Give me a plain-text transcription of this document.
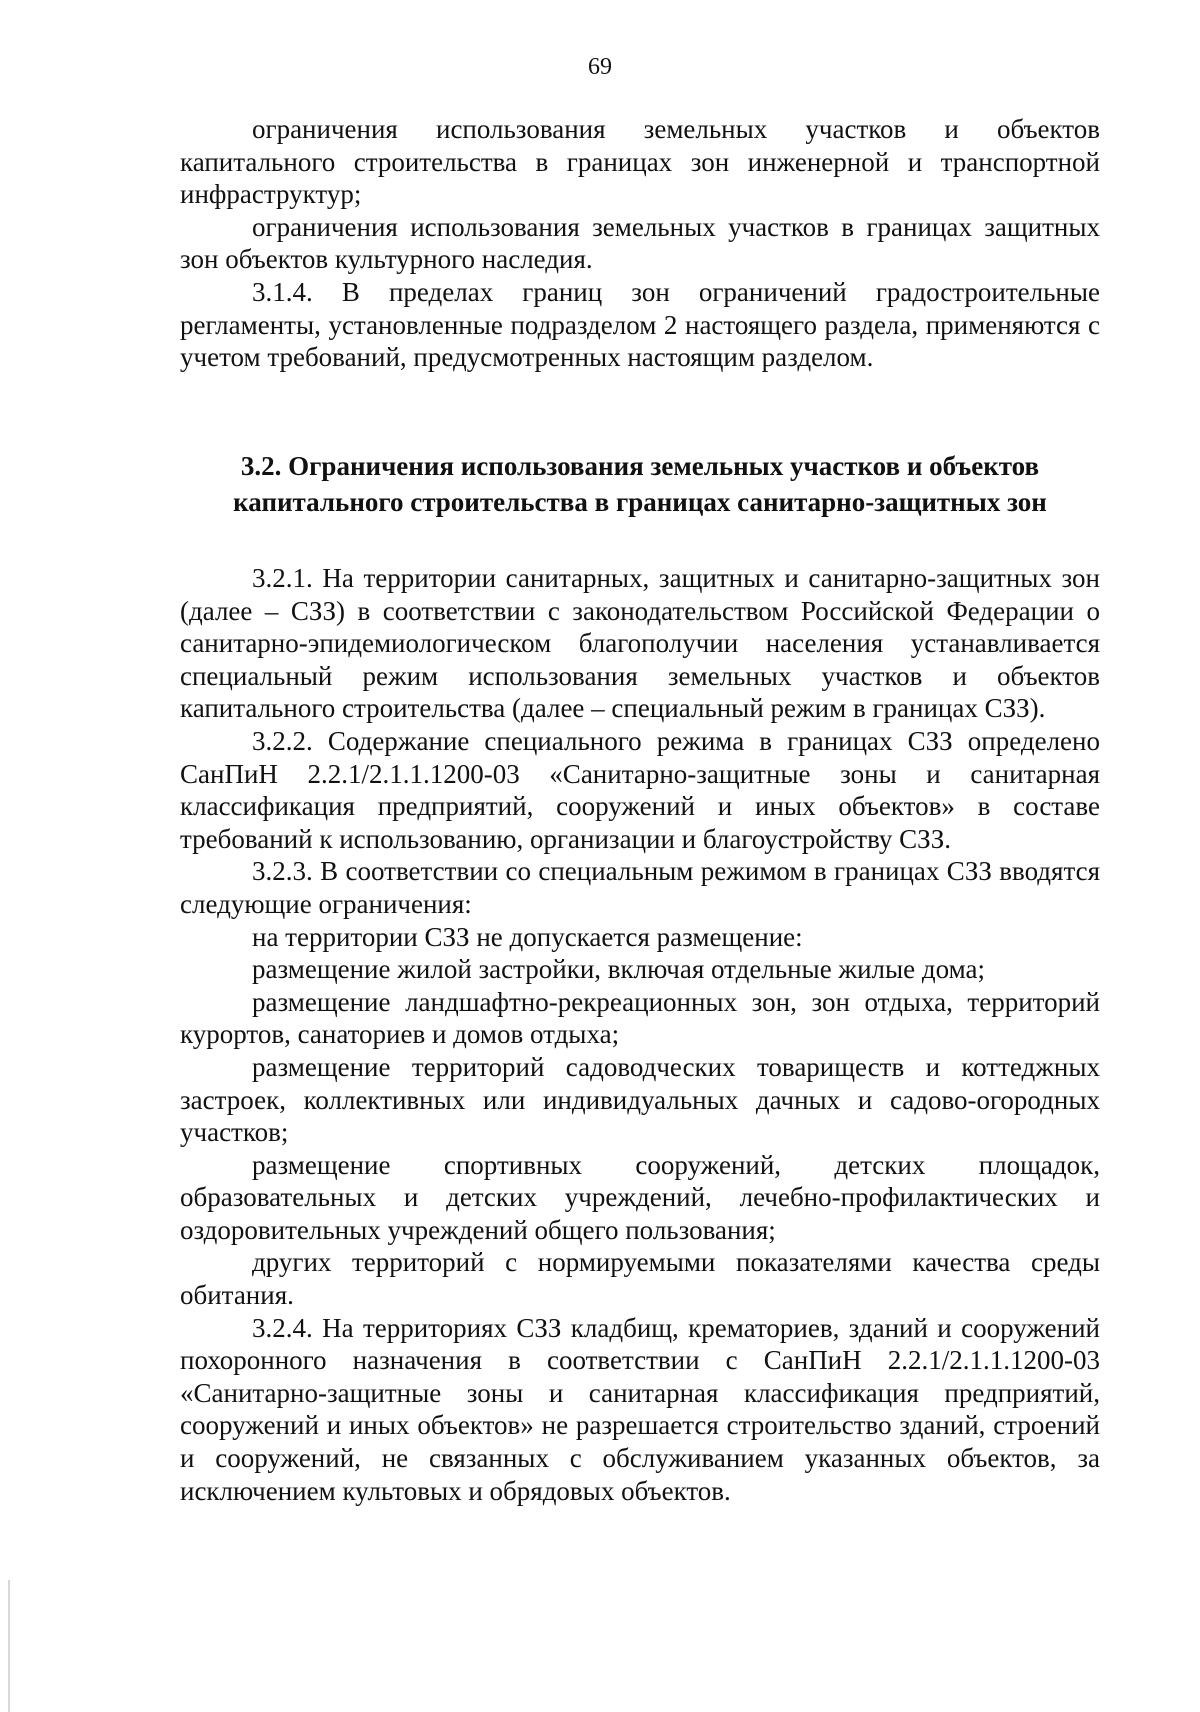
69

ограничения использования земельных участков и объектов капитального строительства в границах зон инженерной и транспортной инфраструктур;

ограничения использования земельных участков в границах защитных зон объектов культурного наследия.

3.1.4. В пределах границ зон ограничений градостроительные регламенты, установленные подразделом 2 настоящего раздела, применяются с учетом требований, предусмотренных настоящим разделом.

3.2. Ограничения использования земельных участков и объектов
капитального строительства в границах санитарно-защитных зон

3.2.1. На территории санитарных, защитных и санитарно-защитных зон (далее – СЗЗ) в соответствии с законодательством Российской Федерации о санитарно-эпидемиологическом благополучии населения устанавливается специальный режим использования земельных участков и объектов капитального строительства (далее – специальный режим в границах СЗЗ).

3.2.2. Содержание специального режима в границах СЗЗ определено СанПиН 2.2.1/2.1.1.1200-03 «Санитарно-защитные зоны и санитарная классификация предприятий, сооружений и иных объектов» в составе требований к использованию, организации и благоустройству СЗЗ.

3.2.3. В соответствии со специальным режимом в границах СЗЗ вводятся следующие ограничения:

на территории СЗЗ не допускается размещение:

размещение жилой застройки, включая отдельные жилые дома;

размещение ландшафтно-рекреационных зон, зон отдыха, территорий курортов, санаториев и домов отдыха;

размещение территорий садоводческих товариществ и коттеджных застроек, коллективных или индивидуальных дачных и садово-огородных участков;

размещение спортивных сооружений, детских площадок, образовательных и детских учреждений, лечебно-профилактических и оздоровительных учреждений общего пользования;

других территорий с нормируемыми показателями качества среды обитания.

3.2.4. На территориях СЗЗ кладбищ, крематориев, зданий и сооружений похоронного назначения в соответствии с СанПиН 2.2.1/2.1.1.1200-03 «Санитарно-защитные зоны и санитарная классификация предприятий, сооружений и иных объектов» не разрешается строительство зданий, строений и сооружений, не связанных с обслуживанием указанных объектов, за исключением культовых и обрядовых объектов.
